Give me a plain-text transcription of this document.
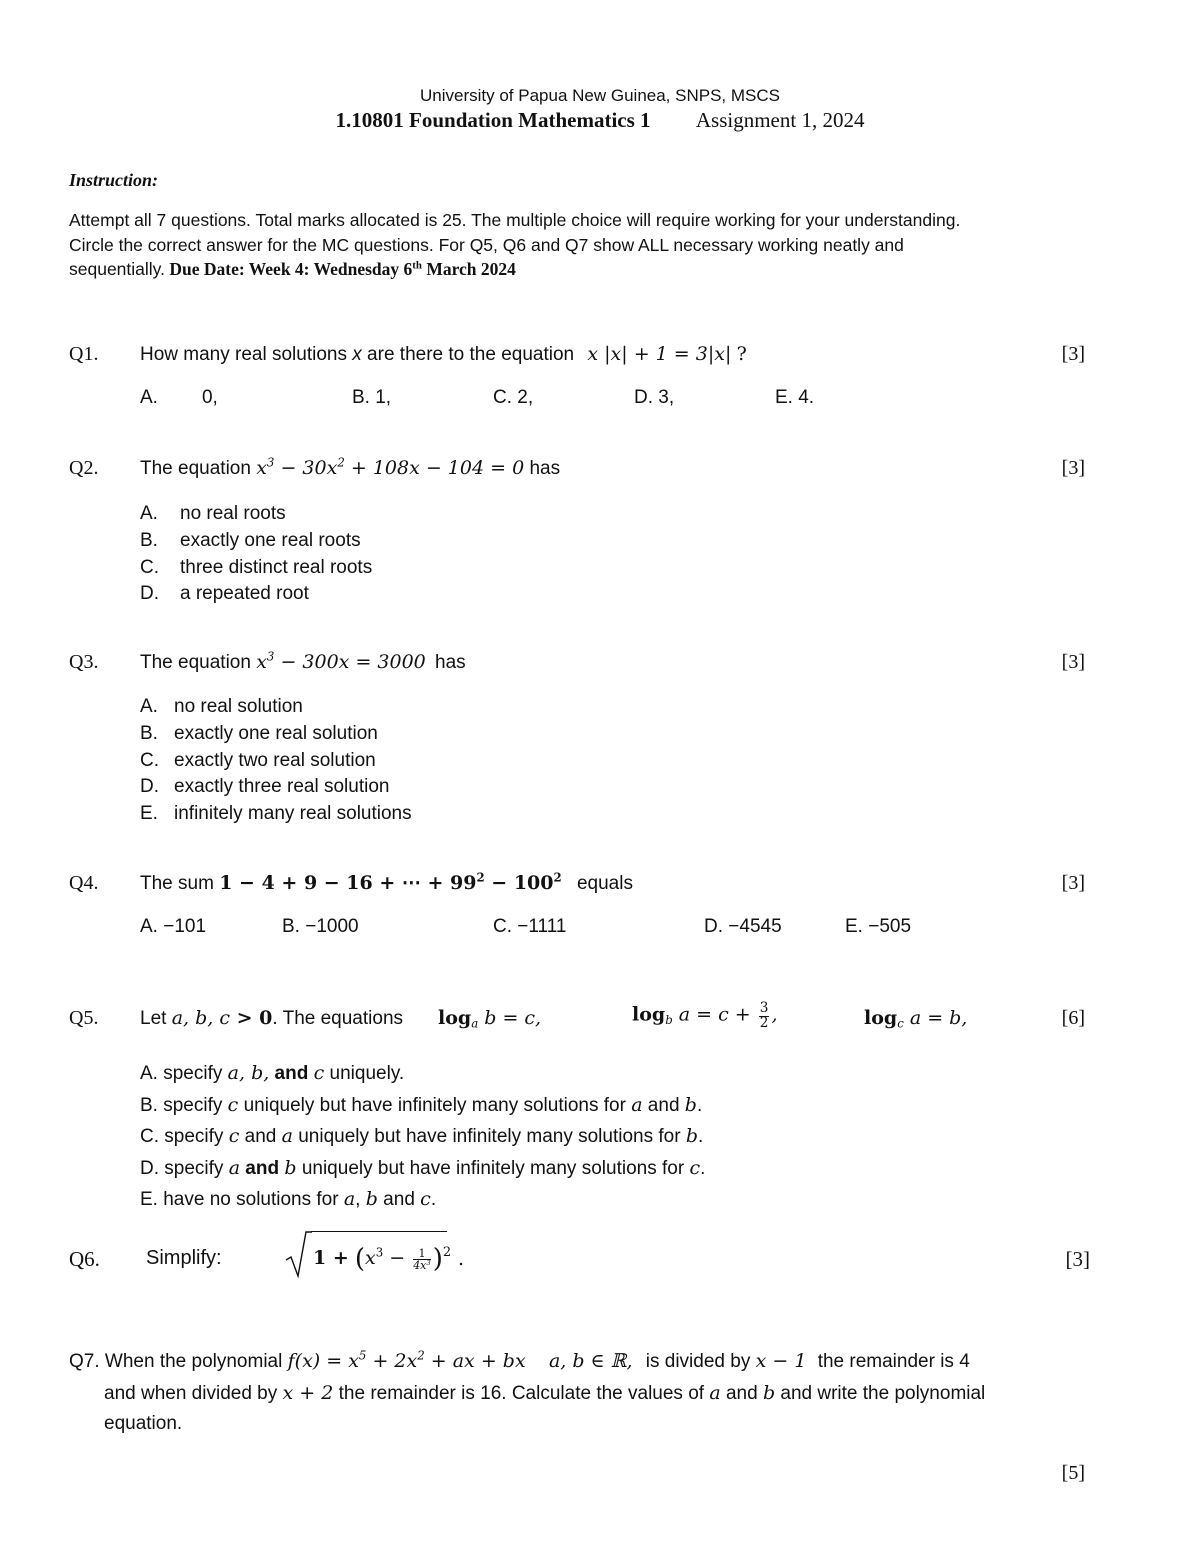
University of Papua New Guinea, SNPS, MSCS
1.10801 Foundation Mathematics 1 Assignment 1, 2024
Instruction:
Attempt all 7 questions. Total marks allocated is 25. The multiple choice will require working for your understanding.
Circle the correct answer for the MC questions. For Q5, Q6 and Q7 show ALL necessary working neatly and
sequentially. Due Date: Week 4: Wednesday 6th March 2024
Q1. How many real solutions x are there to the equation x |x| + 1 = 3|x| ?	[3]
A. 0,	B. 1,	C. 2,	D. 3,	E. 4.
Q2. The equation $x^3 - 30x^2 + 108x - 104 = 0$ has	[3]
A. no real roots
B. exactly one real roots
C. three distinct real roots
D. a repeated root
Q3. The equation $x^3 - 300x = 3000$ has	[3]
A. no real solution
B. exactly one real solution
C. exactly two real solution
D. exactly three real solution
E. infinitely many real solutions
Q4. The sum 1 − 4 + 9 − 16 + ⋯ + $99^2 - 100^2$ equals	[3]
A. −101	B. −1000	C. −1111	D. −4545	E. −505
Q5. Let a, b, c > 0. The equations $\log_a b = c$,	$\log_b a = c + \frac{3}{2}$ ,	$\log_c a = b$,	[6]
A. specify a, b, and c uniquely.
B. specify c uniquely but have infinitely many solutions for a and b.
C. specify c and a uniquely but have infinitely many solutions for b.
D. specify a and b uniquely but have infinitely many solutions for c.
E. have no solutions for a, b and c.
Q6. Simplify:	$1 + (x^3 - \frac{1}{4x^3} )^2$ .	[3]
Q7. When the polynomial $f(x) = x^5 + 2x^2$ + ax + bx a, b ∈ ℝ, is divided by x − 1 the remainder is 4
and when divided by x + 2 the remainder is 16. Calculate the values of a and b and write the polynomial
equation.
[5]
